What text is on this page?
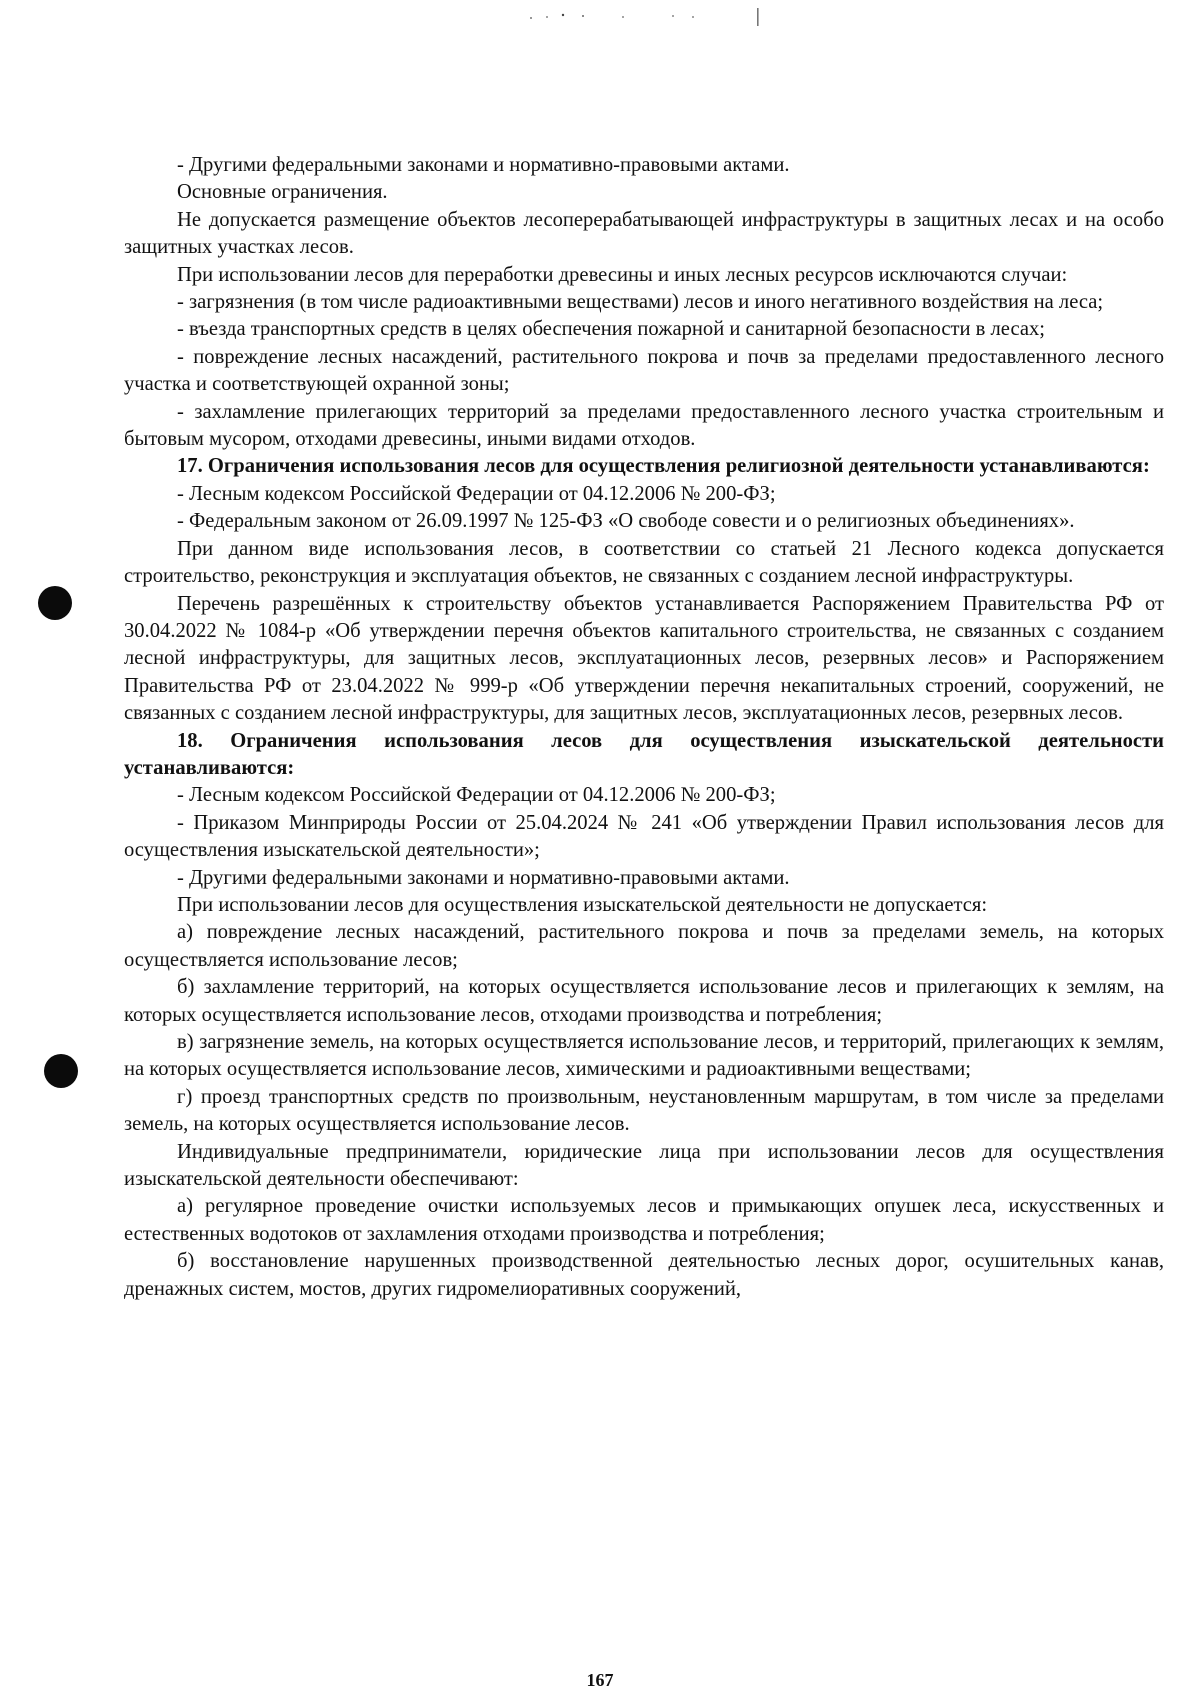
- Другими федеральными законами и нормативно-правовыми актами.

Основные ограничения.

Не допускается размещение объектов лесоперерабатывающей инфраструктуры в защитных лесах и на особо защитных участках лесов.

При использовании лесов для переработки древесины и иных лесных ресурсов исключаются случаи:

- загрязнения (в том числе радиоактивными веществами) лесов и иного негативного воздействия на леса;

- въезда транспортных средств в целях обеспечения пожарной и санитарной безопасности в лесах;

- повреждение лесных насаждений, растительного покрова и почв за пределами предоставленного лесного участка и соответствующей охранной зоны;

- захламление прилегающих территорий за пределами предоставленного лесного участка строительным и бытовым мусором, отходами древесины, иными видами отходов.

17. Ограничения использования лесов для осуществления религиозной деятельности устанавливаются:

- Лесным кодексом Российской Федерации от 04.12.2006 № 200-ФЗ;

- Федеральным законом от 26.09.1997 № 125-ФЗ «О свободе совести и о религиозных объединениях».

При данном виде использования лесов, в соответствии со статьей 21 Лесного кодекса допускается строительство, реконструкция и эксплуатация объектов, не связанных с созданием лесной инфраструктуры.

Перечень разрешённых к строительству объектов устанавливается Распоряжением Правительства РФ от 30.04.2022 № 1084-р «Об утверждении перечня объектов капитального строительства, не связанных с созданием лесной инфраструктуры, для защитных лесов, эксплуатационных лесов, резервных лесов» и Распоряжением Правительства РФ от 23.04.2022 № 999-р «Об утверждении перечня некапитальных строений, сооружений, не связанных с созданием лесной инфраструктуры, для защитных лесов, эксплуатационных лесов, резервных лесов.

18. Ограничения использования лесов для осуществления изыскательской деятельности устанавливаются:

- Лесным кодексом Российской Федерации от 04.12.2006 № 200-ФЗ;

- Приказом Минприроды России от 25.04.2024 № 241 «Об утверждении Правил использования лесов для осуществления изыскательской деятельности»;

- Другими федеральными законами и нормативно-правовыми актами.

При использовании лесов для осуществления изыскательской деятельности не допускается:

а) повреждение лесных насаждений, растительного покрова и почв за пределами земель, на которых осуществляется использование лесов;

б) захламление территорий, на которых осуществляется использование лесов и прилегающих к землям, на которых осуществляется использование лесов, отходами производства и потребления;

в) загрязнение земель, на которых осуществляется использование лесов, и территорий, прилегающих к землям, на которых осуществляется использование лесов, химическими и радиоактивными веществами;

г) проезд транспортных средств по произвольным, неустановленным маршрутам, в том числе за пределами земель, на которых осуществляется использование лесов.

Индивидуальные предприниматели, юридические лица при использовании лесов для осуществления изыскательской деятельности обеспечивают:

а) регулярное проведение очистки используемых лесов и примыкающих опушек леса, искусственных и естественных водотоков от захламления отходами производства и потребления;

б) восстановление нарушенных производственной деятельностью лесных дорог, осушительных канав, дренажных систем, мостов, других гидромелиоративных сооружений,

167
